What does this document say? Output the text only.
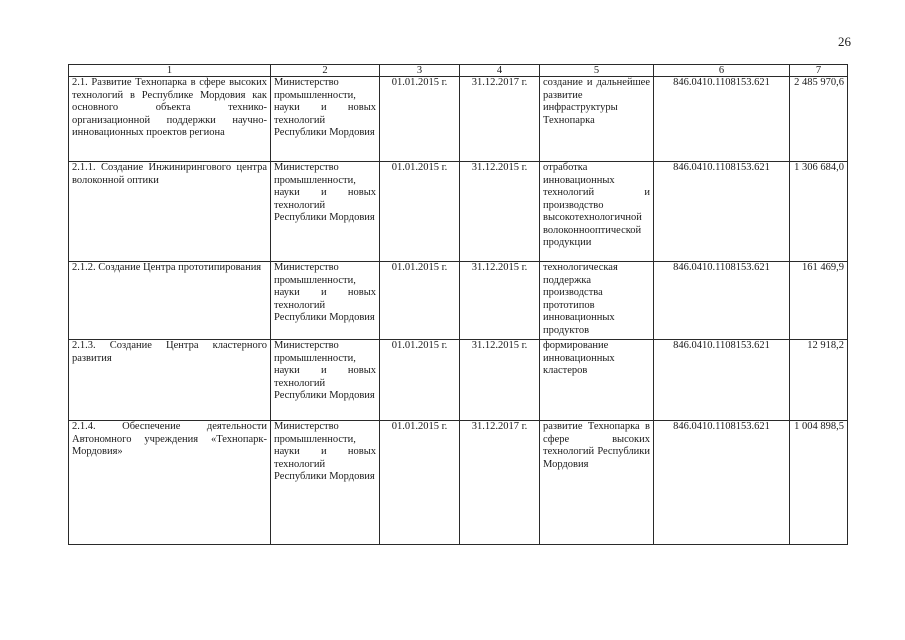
26
1	2	3	4	5	6	7
2.1. Развитие Технопарка в сфере высоких технологий в Республике Мордовия как основного объекта технико-организационной поддержки научно-инновационных проектов региона	Министерство промышленности, науки и новых технологий Республики Мордовия	01.01.2015 г.	31.12.2017 г.	создание и дальнейшее развитие инфраструктуры Технопарка	846.0410.1108153.621	2 485 970,6
2.1.1. Создание Инжинирингового центра волоконной оптики	Министерство промышленности, науки и новых технологий Республики Мордовия	01.01.2015 г.	31.12.2015 г.	отработка инновационных технологий и производство высокотехнологичной волоконнооптической продукции	846.0410.1108153.621	1 306 684,0
2.1.2. Создание Центра прототипирования	Министерство промышленности, науки и новых технологий Республики Мордовия	01.01.2015 г.	31.12.2015 г.	технологическая поддержка производства прототипов инновационных продуктов	846.0410.1108153.621	161 469,9
2.1.3. Создание Центра кластерного развития	Министерство промышленности, науки и новых технологий Республики Мордовия	01.01.2015 г.	31.12.2015 г.	формирование инновационных кластеров	846.0410.1108153.621	12 918,2
2.1.4. Обеспечение деятельности Автономного учреждения «Технопарк-Мордовия»	Министерство промышленности, науки и новых технологий Республики Мордовия	01.01.2015 г.	31.12.2017 г.	развитие Технопарка в сфере высоких технологий Республики Мордовия	846.0410.1108153.621	1 004 898,5
